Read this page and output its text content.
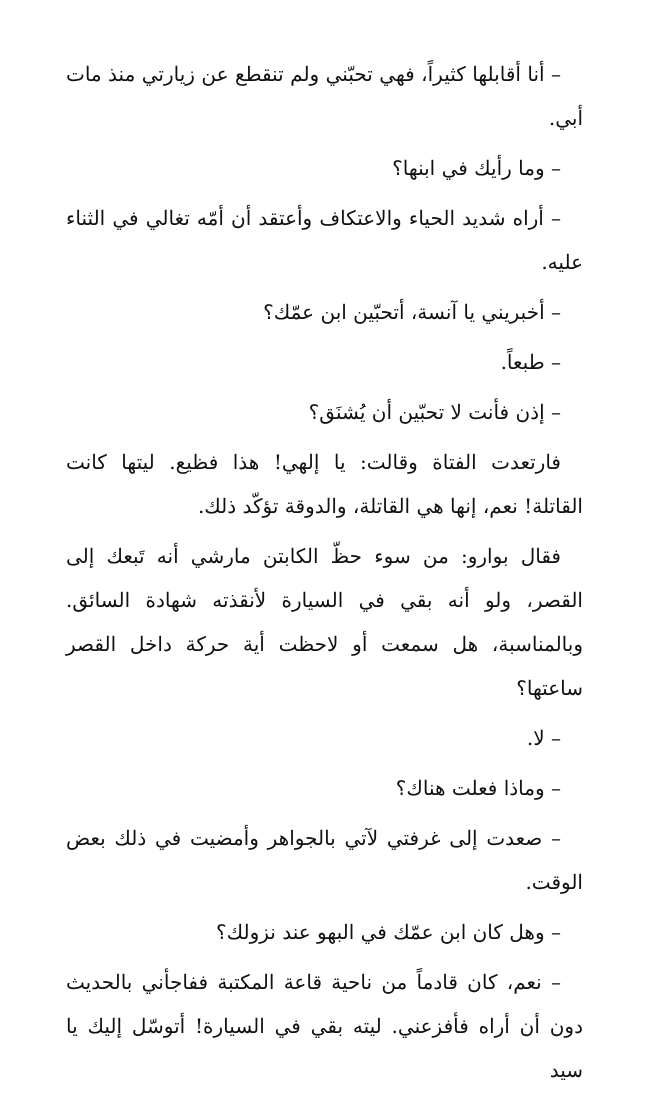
– أنا أقابلها كثيراً، فهي تحبّني ولم تنقطع عن زيارتي منذ مات أبي.

– وما رأيك في ابنها؟

– أراه شديد الحياء والاعتكاف وأعتقد أن أمّه تغالي في الثناء عليه.

– أخبريني يا آنسة، أتحبّين ابن عمّك؟

– طبعاً.

– إذن فأنت لا تحبّين أن يُشنَق؟

فارتعدت الفتاة وقالت: يا إلهي! هذا فظيع. ليتها كانت القاتلة! نعم، إنها هي القاتلة، والدوقة تؤكّد ذلك.

فقال بوارو: من سوء حظّ الكابتن مارشي أنه تَبعك إلى القصر، ولو أنه بقي في السيارة لأنقذته شهادة السائق. وبالمناسبة، هل سمعت أو لاحظت أية حركة داخل القصر ساعتها؟

– لا.

– وماذا فعلت هناك؟

– صعدت إلى غرفتي لآتي بالجواهر وأمضيت في ذلك بعض الوقت.

– وهل كان ابن عمّك في البهو عند نزولك؟

– نعم، كان قادماً من ناحية قاعة المكتبة ففاجأني بالحديث دون أن أراه فأفزعني. ليته بقي في السيارة! أتوسّل إليك يا سيد
